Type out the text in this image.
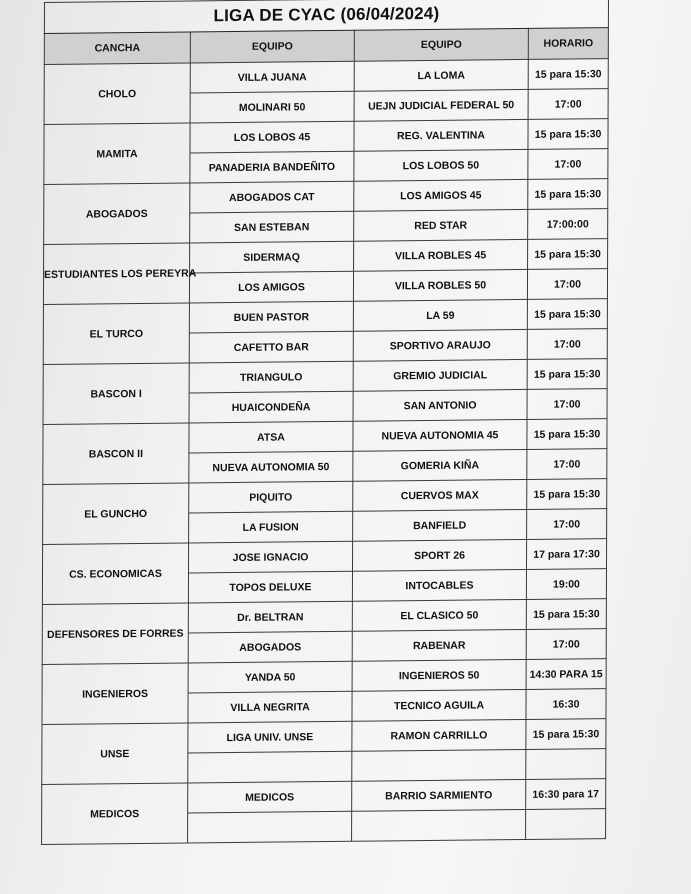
LIGA DE CYAC (06/04/2024)			
CANCHA	EQUIPO	EQUIPO	HORARIO
CHOLO	VILLA JUANA	LA LOMA	15 para 15:30
	MOLINARI 50	UEJN JUDICIAL FEDERAL 50	17:00
MAMITA	LOS LOBOS 45	REG. VALENTINA	15 para 15:30
	PANADERIA BANDEÑITO	LOS LOBOS 50	17:00
ABOGADOS	ABOGADOS CAT	LOS AMIGOS 45	15 para 15:30
	SAN ESTEBAN	RED STAR	17:00:00
ESTUDIANTES LOS PEREYRA	SIDERMAQ	VILLA ROBLES 45	15 para 15:30
	LOS AMIGOS	VILLA ROBLES 50	17:00
EL TURCO	BUEN PASTOR	LA 59	15 para 15:30
	CAFETTO BAR	SPORTIVO ARAUJO	17:00
BASCON I	TRIANGULO	GREMIO JUDICIAL	15 para 15:30
	HUAICONDEÑA	SAN ANTONIO	17:00
BASCON II	ATSA	NUEVA AUTONOMIA 45	15 para 15:30
	NUEVA AUTONOMIA 50	GOMERIA KIÑA	17:00
EL GUNCHO	PIQUITO	CUERVOS MAX	15 para 15:30
	LA FUSION	BANFIELD	17:00
CS. ECONOMICAS	JOSE IGNACIO	SPORT 26	17 para 17:30
	TOPOS DELUXE	INTOCABLES	19:00
DEFENSORES DE FORRES	Dr. BELTRAN	EL CLASICO 50	15 para 15:30
	ABOGADOS	RABENAR	17:00
INGENIEROS	YANDA 50	INGENIEROS 50	14:30 PARA 15
	VILLA NEGRITA	TECNICO AGUILA	16:30
UNSE	LIGA UNIV. UNSE	RAMON CARRILLO	15 para 15:30

MEDICOS	MEDICOS	BARRIO SARMIENTO	16:30 para 17
